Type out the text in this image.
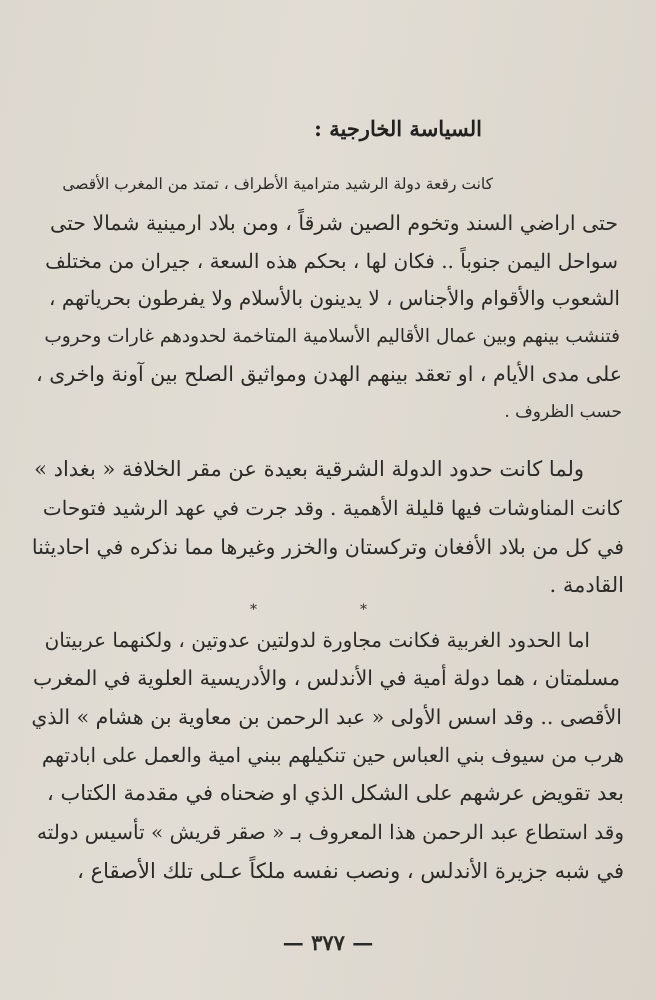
السياسة الخارجية :
كانت رقعة دولة الرشيد مترامية الأطراف ، تمتد من المغرب الأقصى
حتى اراضي السند وتخوم الصين شرقاً ، ومن بلاد ارمينية شمالا حتى
سواحل اليمن جنوباً .. فكان لها ، بحكم هذه السعة ، جيران من مختلف
الشعوب والأقوام والأجناس ، لا يدينون بالأسلام ولا يفرطون بحرياتهم ،
فتنشب بينهم وبين عمال الأقاليم الأسلامية المتاخمة لحدودهم غارات وحروب
على مدى الأيام ، او تعقد بينهم الهدن ومواثيق الصلح بين آونة واخرى ،
حسب الظروف .
ولما كانت حدود الدولة الشرقية بعيدة عن مقر الخلافة « بغداد »
كانت المناوشات فيها قليلة الأهمية . وقد جرت في عهد الرشيد فتوحات
في كل من بلاد الأفغان وتركستان والخزر وغيرها مما نذكره في احاديثنا
القادمة .
*	*
اما الحدود الغربية فكانت مجاورة لدولتين عدوتين ، ولكنهما عربيتان
مسلمتان ، هما دولة أمية في الأندلس ، والأدريسية العلوية في المغرب
الأقصى .. وقد اسس الأولى « عبد الرحمن بن معاوية بن هشام » الذي
هرب من سيوف بني العباس حين تنكيلهم ببني امية والعمل على ابادتهم
بعد تقويض عرشهم على الشكل الذي او ضحناه في مقدمة الكتاب ،
وقد استطاع عبد الرحمن هذا المعروف بـ « صقر قريش » تأسيس دولته
في شبه جزيرة الأندلس ، ونصب نفسه ملكاً عـلى تلك الأصقاع ،
— ٣٧٧ —
